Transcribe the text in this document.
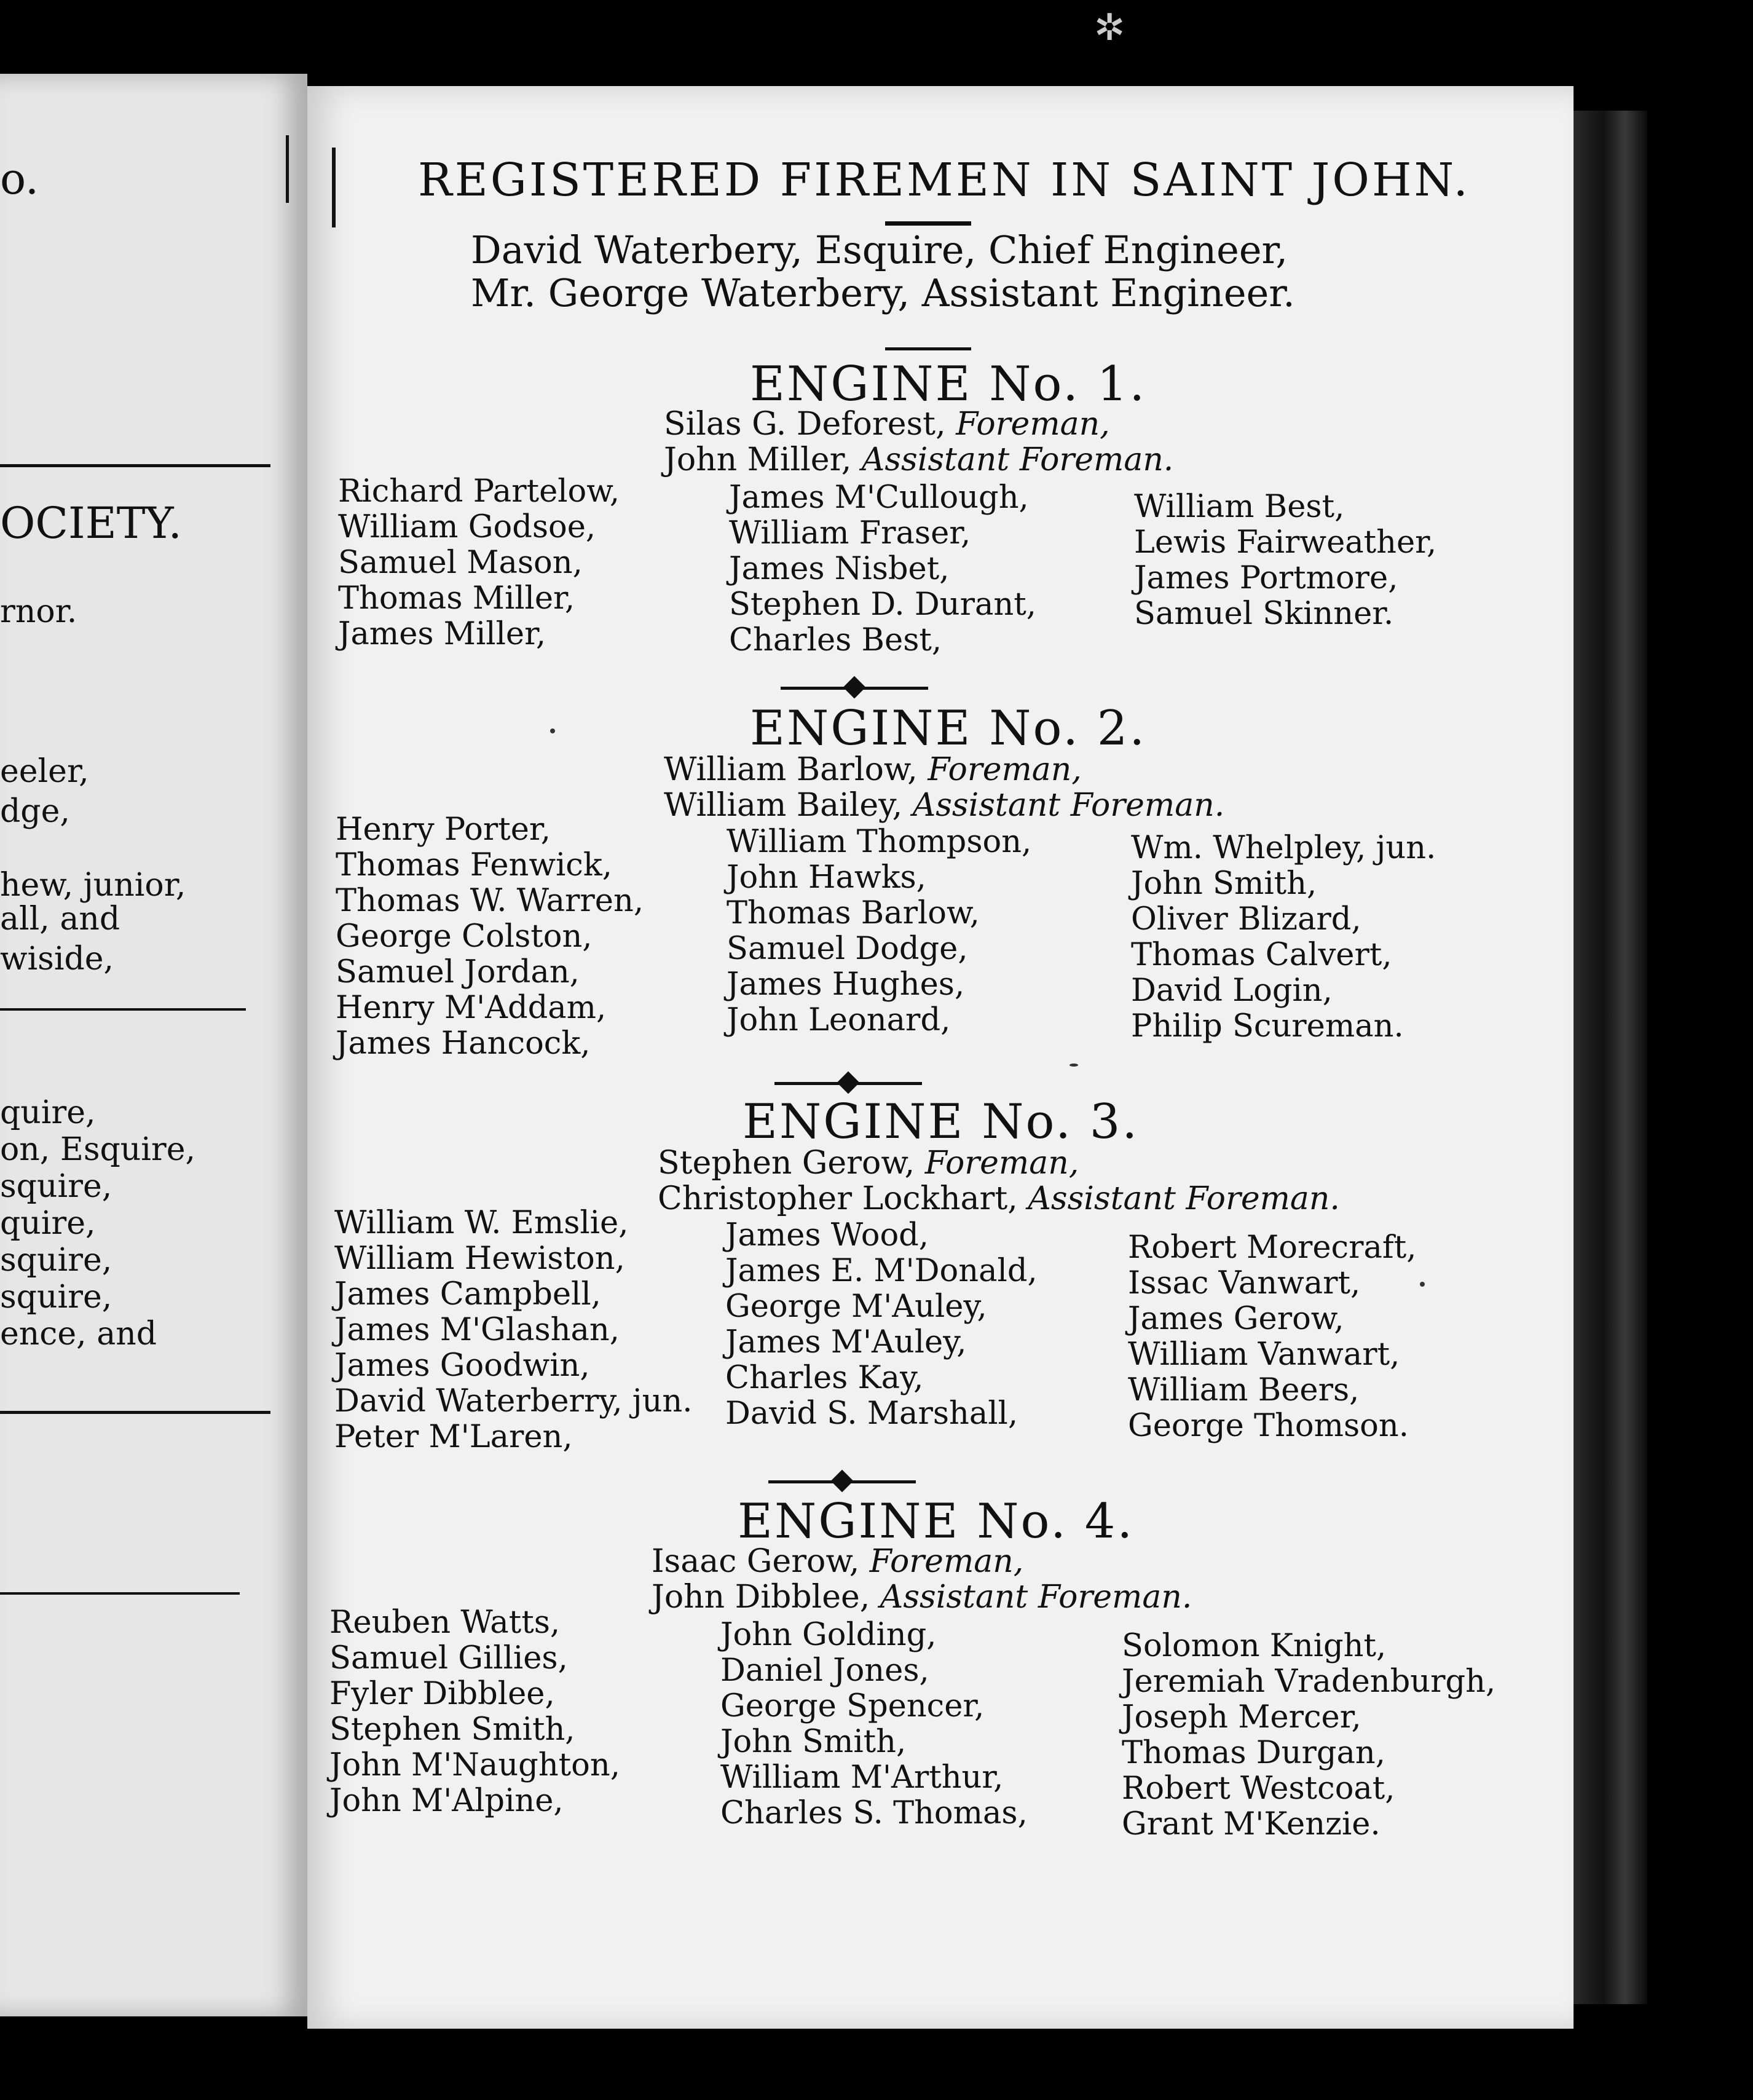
✲
o.
OCIETY.
rnor.
eeler,
dge,
hew, junior,
all, and
wiside,
quire,
on, Esquire,
squire,
quire,
squire,
squire,
ence, and
REGISTERED FIREMEN IN SAINT JOHN.
David Waterbery, Esquire, Chief Engineer,
Mr. George Waterbery, Assistant Engineer.
ENGINE No. 1.
Silas G. Deforest, Foreman,
John Miller, Assistant Foreman.
Richard Partelow,
William Godsoe,
Samuel Mason,
Thomas Miller,
James Miller,
James M'Cullough,
William Fraser,
James Nisbet,
Stephen D. Durant,
Charles Best,
William Best,
Lewis Fairweather,
James Portmore,
Samuel Skinner.
ENGINE No. 2.
William Barlow, Foreman,
William Bailey, Assistant Foreman.
Henry Porter,
Thomas Fenwick,
Thomas W. Warren,
George Colston,
Samuel Jordan,
Henry M'Addam,
James Hancock,
William Thompson,
John Hawks,
Thomas Barlow,
Samuel Dodge,
James Hughes,
John Leonard,
Wm. Whelpley, jun.
John Smith,
Oliver Blizard,
Thomas Calvert,
David Login,
Philip Scureman.
ENGINE No. 3.
Stephen Gerow, Foreman,
Christopher Lockhart, Assistant Foreman.
William W. Emslie,
William Hewiston,
James Campbell,
James M'Glashan,
James Goodwin,
David Waterberry, jun.
Peter M'Laren,
James Wood,
James E. M'Donald,
George M'Auley,
James M'Auley,
Charles Kay,
David S. Marshall,
Robert Morecraft,
Issac Vanwart,
James Gerow,
William Vanwart,
William Beers,
George Thomson.
ENGINE No. 4.
Isaac Gerow, Foreman,
John Dibblee, Assistant Foreman.
Reuben Watts,
Samuel Gillies,
Fyler Dibblee,
Stephen Smith,
John M'Naughton,
John M'Alpine,
John Golding,
Daniel Jones,
George Spencer,
John Smith,
William M'Arthur,
Charles S. Thomas,
Solomon Knight,
Jeremiah Vradenburgh,
Joseph Mercer,
Thomas Durgan,
Robert Westcoat,
Grant M'Kenzie.
